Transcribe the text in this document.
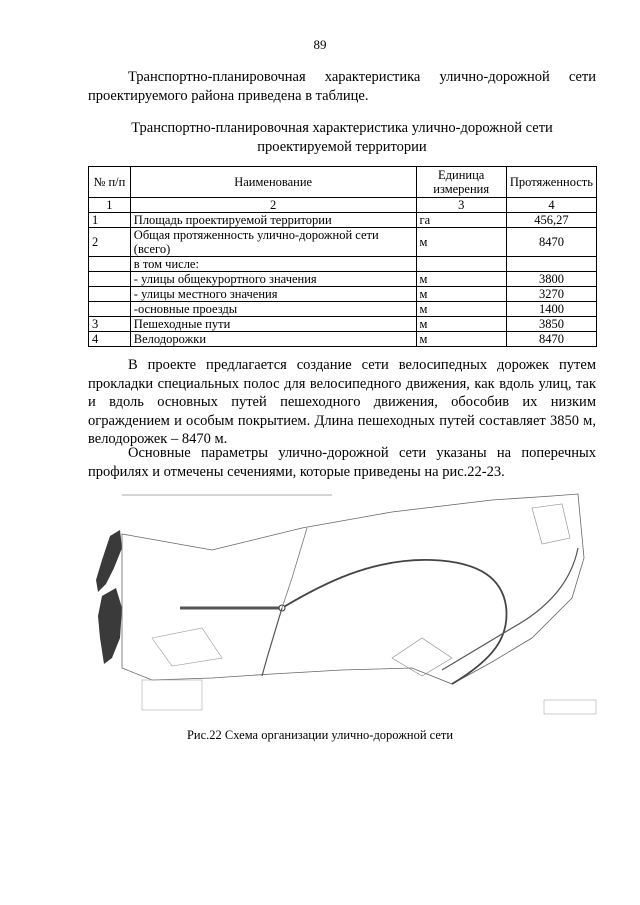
89

Транспортно-планировочная характеристика улично-дорожной сети проектируемого района приведена в таблице.

Транспортно-планировочная характеристика улично-дорожной сети проектируемой территории
№ п/п	Наименование	Единица измерения	Протяженность
1	2	3	4
1	Площадь проектируемой территории	га	456,27
2	Общая протяженность улично-дорожной сети (всего)	м	8470
	в том числе:		
	- улицы общекурортного значения	м	3800
	- улицы местного значения	м	3270
	-основные проезды	м	1400
3	Пешеходные пути	м	3850
4	Велодорожки	м	8470

В проекте предлагается создание сети велосипедных дорожек путем прокладки специальных полос для велосипедного движения, как вдоль улиц, так и вдоль основных путей пешеходного движения, обособив их низким ограждением и особым покрытием. Длина пешеходных путей составляет 3850 м, велодорожек – 8470 м.

Основные параметры улично-дорожной сети указаны на поперечных профилях и отмечены сечениями, которые приведены на рис.22-23.

Рис.22 Схема организации улично-дорожной сети
